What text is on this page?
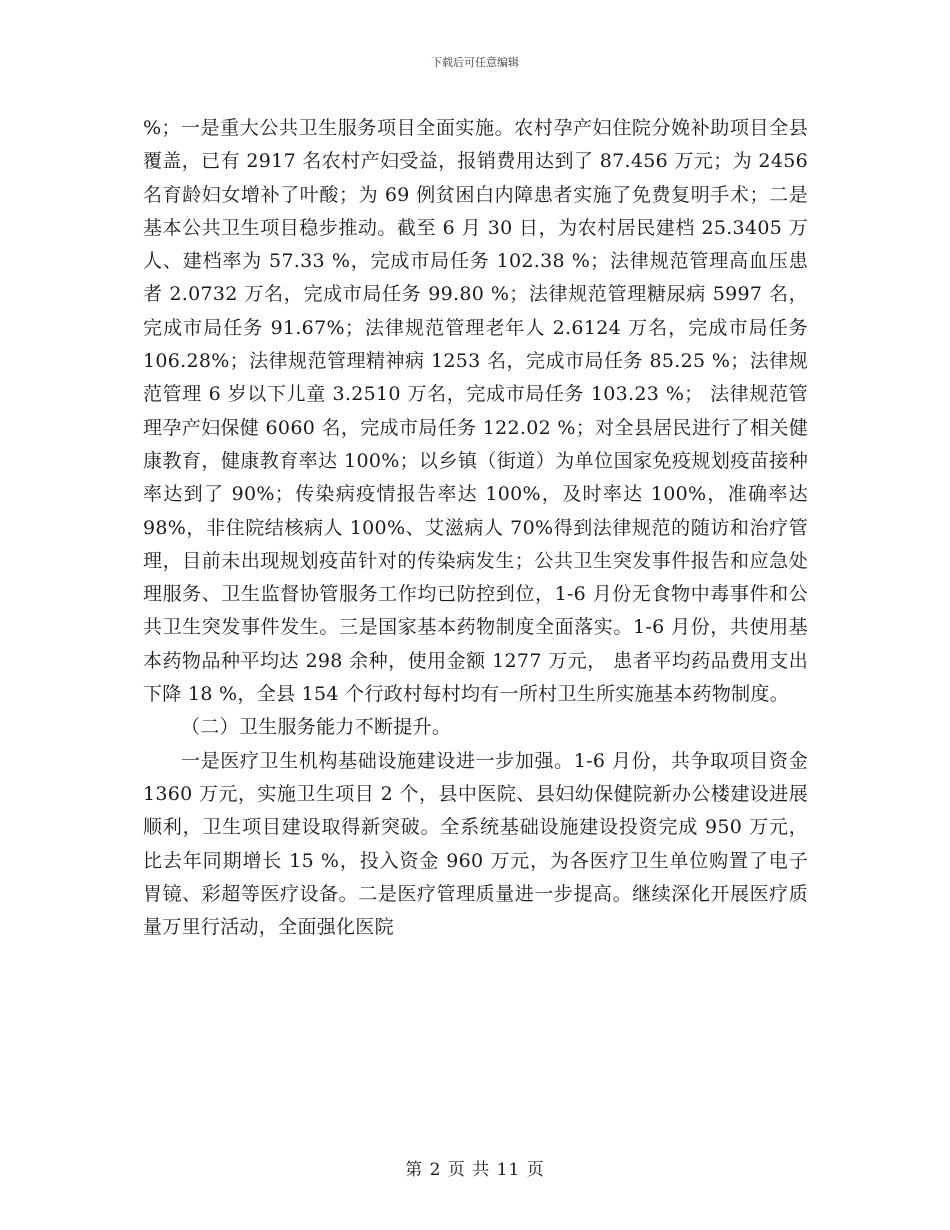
下载后可任意编辑

%；一是重大公共卫生服务项目全面实施。农村孕产妇住院分娩补助项目全县覆盖，已有 2917 名农村产妇受益，报销费用达到了 87.456 万元；为 2456 名育龄妇女增补了叶酸；为 69 例贫困白内障患者实施了免费复明手术；二是基本公共卫生项目稳步推动。截至 6 月 30 日，为农村居民建档 25.3405 万人、建档率为 57.33 %，完成市局任务 102.38 %；法律规范管理高血压患者 2.0732 万名，完成市局任务 99.80 %；法律规范管理糖尿病 5997 名，完成市局任务 91.67%；法律规范管理老年人 2.6124 万名，完成市局任务 106.28%；法律规范管理精神病 1253 名，完成市局任务 85.25 %；法律规范管理 6 岁以下儿童 3.2510 万名，完成市局任务 103.23 %； 法律规范管理孕产妇保健 6060 名，完成市局任务 122.02 %；对全县居民进行了相关健康教育，健康教育率达 100%；以乡镇（街道）为单位国家免疫规划疫苗接种率达到了 90%；传染病疫情报告率达 100%，及时率达 100%，准确率达 98%，非住院结核病人 100%、艾滋病人 70%得到法律规范的随访和治疗管理，目前未出现规划疫苗针对的传染病发生；公共卫生突发事件报告和应急处理服务、卫生监督协管服务工作均已防控到位，1-6 月份无食物中毒事件和公共卫生突发事件发生。三是国家基本药物制度全面落实。1-6 月份，共使用基本药物品种平均达 298 余种，使用金额 1277 万元， 患者平均药品费用支出下降 18 %，全县 154 个行政村每村均有一所村卫生所实施基本药物制度。

（二）卫生服务能力不断提升。

一是医疗卫生机构基础设施建设进一步加强。1-6 月份，共争取项目资金 1360 万元，实施卫生项目 2 个，县中医院、县妇幼保健院新办公楼建设进展顺利，卫生项目建设取得新突破。全系统基础设施建设投资完成 950 万元，比去年同期增长 15 %，投入资金 960 万元，为各医疗卫生单位购置了电子胃镜、彩超等医疗设备。二是医疗管理质量进一步提高。继续深化开展医疗质量万里行活动，全面强化医院

第 2 页 共 11 页
